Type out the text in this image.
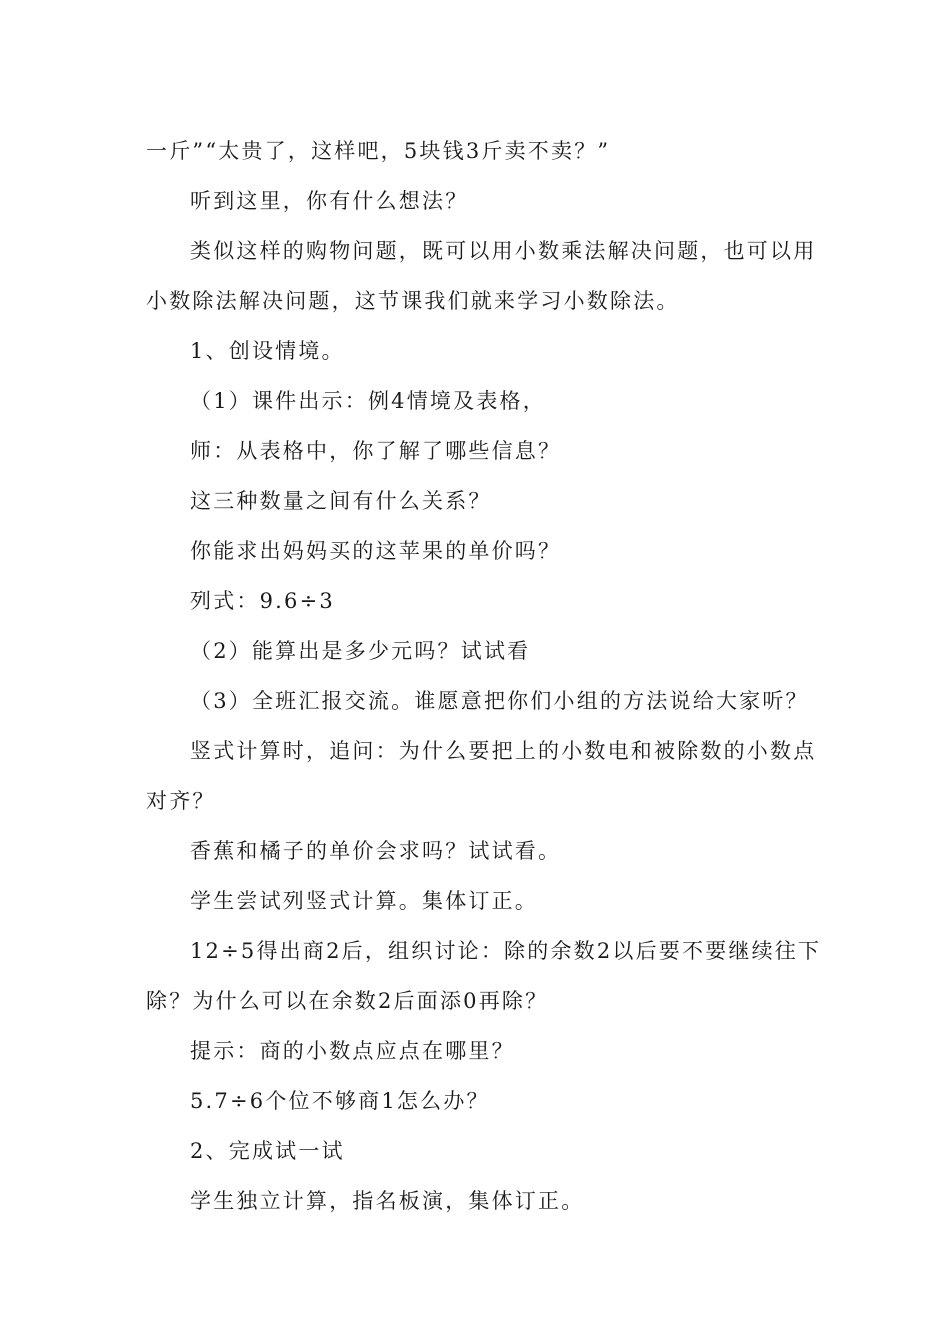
一斤”“太贵了，这样吧，5块钱3斤卖不卖？”
听到这里，你有什么想法？
类似这样的购物问题，既可以用小数乘法解决问题，也可以用
小数除法解决问题，这节课我们就来学习小数除法。
1、创设情境。
（1）课件出示：例4情境及表格，
师：从表格中，你了解了哪些信息？
这三种数量之间有什么关系？
你能求出妈妈买的这苹果的单价吗？
列式：9.6÷3
（2）能算出是多少元吗？试试看
（3）全班汇报交流。谁愿意把你们小组的方法说给大家听？
竖式计算时，追问：为什么要把上的小数电和被除数的小数点
对齐？
香蕉和橘子的单价会求吗？试试看。
学生尝试列竖式计算。集体订正。
12÷5得出商2后，组织讨论：除的余数2以后要不要继续往下
除？为什么可以在余数2后面添0再除？
提示：商的小数点应点在哪里？
5.7÷6个位不够商1怎么办？
2、完成试一试
学生独立计算，指名板演，集体订正。
